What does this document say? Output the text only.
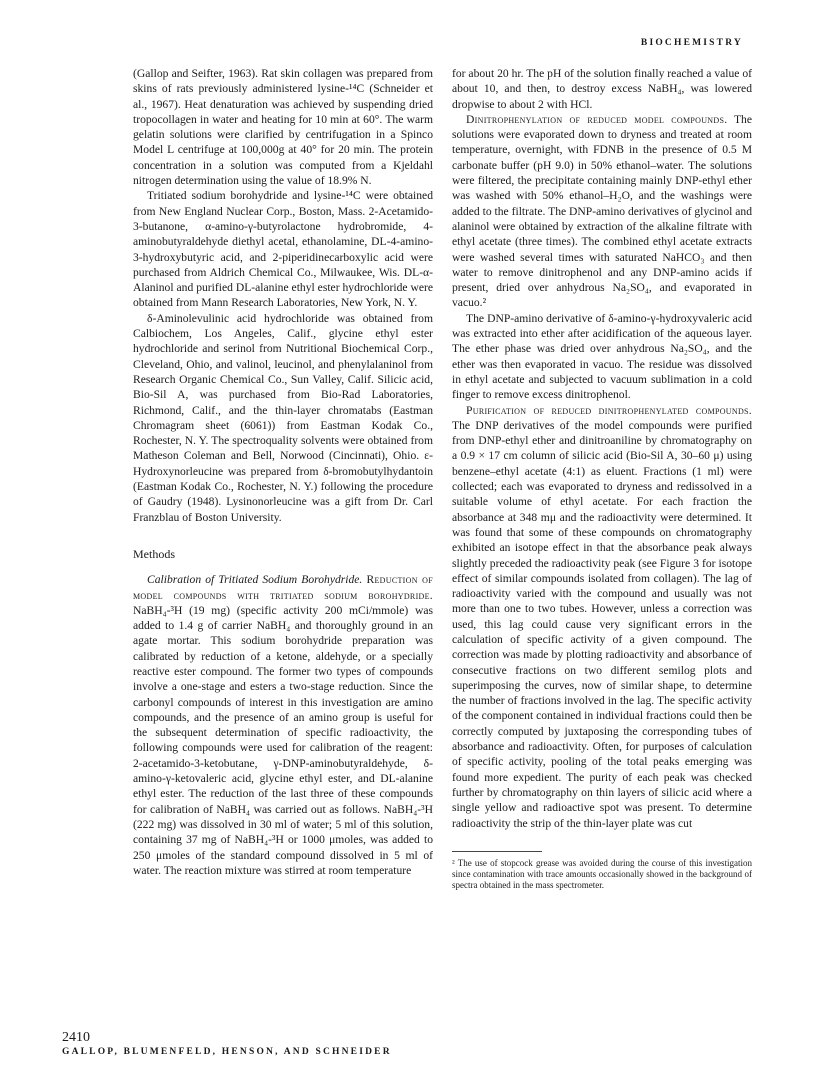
BIOCHEMISTRY

(Gallop and Seifter, 1963). Rat skin collagen was prepared from skins of rats previously administered lysine-¹⁴C (Schneider et al., 1967). Heat denaturation was achieved by suspending dried tropocollagen in water and heating for 10 min at 60°. The warm gelatin solutions were clarified by centrifugation in a Spinco Model L centrifuge at 100,000g at 40° for 20 min. The protein concentration in a solution was computed from a Kjeldahl nitrogen determination using the value of 18.9% N.

Tritiated sodium borohydride and lysine-¹⁴C were obtained from New England Nuclear Corp., Boston, Mass. 2-Acetamido-3-butanone, α-amino-γ-butyrolactone hydrobromide, 4-aminobutyraldehyde diethyl acetal, ethanolamine, DL-4-amino-3-hydroxybutyric acid, and 2-piperidinecarboxylic acid were purchased from Aldrich Chemical Co., Milwaukee, Wis. DL-α-Alaninol and purified DL-alanine ethyl ester hydrochloride were obtained from Mann Research Laboratories, New York, N. Y.

δ-Aminolevulinic acid hydrochloride was obtained from Calbiochem, Los Angeles, Calif., glycine ethyl ester hydrochloride and serinol from Nutritional Biochemical Corp., Cleveland, Ohio, and valinol, leucinol, and phenylalaninol from Research Organic Chemical Co., Sun Valley, Calif. Silicic acid, Bio-Sil A, was purchased from Bio-Rad Laboratories, Richmond, Calif., and the thin-layer chromatabs (Eastman Chromagram sheet (6061)) from Eastman Kodak Co., Rochester, N. Y. The spectroquality solvents were obtained from Matheson Coleman and Bell, Norwood (Cincinnati), Ohio. ε-Hydroxynorleucine was prepared from δ-bromobutylhydantoin (Eastman Kodak Co., Rochester, N. Y.) following the procedure of Gaudry (1948). Lysinonorleucine was a gift from Dr. Carl Franzblau of Boston University.

Methods

Calibration of Tritiated Sodium Borohydride. Reduction of model compounds with tritiated sodium borohydride. NaBH₄-³H (19 mg) (specific activity 200 mCi/mmole) was added to 1.4 g of carrier NaBH₄ and thoroughly ground in an agate mortar. This sodium borohydride preparation was calibrated by reduction of a ketone, aldehyde, or a specially reactive ester compound. The former two types of compounds involve a one-stage and esters a two-stage reduction. Since the carbonyl compounds of interest in this investigation are amino compounds, and the presence of an amino group is useful for the subsequent determination of specific radioactivity, the following compounds were used for calibration of the reagent: 2-acetamido-3-ketobutane, γ-DNP-aminobutyraldehyde, δ-amino-γ-ketovaleric acid, glycine ethyl ester, and DL-alanine ethyl ester. The reduction of the last three of these compounds for calibration of NaBH₄ was carried out as follows. NaBH₄-³H (222 mg) was dissolved in 30 ml of water; 5 ml of this solution, containing 37 mg of NaBH₄-³H or 1000 μmoles, was added to 250 μmoles of the standard compound dissolved in 5 ml of water. The reaction mixture was stirred at room temperature

for about 20 hr. The pH of the solution finally reached a value of about 10, and then, to destroy excess NaBH₄, was lowered dropwise to about 2 with HCl.

Dinitrophenylation of reduced model compounds. The solutions were evaporated down to dryness and treated at room temperature, overnight, with FDNB in the presence of 0.5 M carbonate buffer (pH 9.0) in 50% ethanol–water. The solutions were filtered, the precipitate containing mainly DNP-ethyl ether was washed with 50% ethanol–H₂O, and the washings were added to the filtrate. The DNP-amino derivatives of glycinol and alaninol were obtained by extraction of the alkaline filtrate with ethyl acetate (three times). The combined ethyl acetate extracts were washed several times with saturated NaHCO₃ and then water to remove dinitrophenol and any DNP-amino acids if present, dried over anhydrous Na₂SO₄, and evaporated in vacuo.²

The DNP-amino derivative of δ-amino-γ-hydroxyvaleric acid was extracted into ether after acidification of the aqueous layer. The ether phase was dried over anhydrous Na₂SO₄, and the ether was then evaporated in vacuo. The residue was dissolved in ethyl acetate and subjected to vacuum sublimation in a cold finger to remove excess dinitrophenol.

Purification of reduced dinitrophenylated compounds. The DNP derivatives of the model compounds were purified from DNP-ethyl ether and dinitroaniline by chromatography on a 0.9 × 17 cm column of silicic acid (Bio-Sil A, 30–60 μ) using benzene–ethyl acetate (4:1) as eluent. Fractions (1 ml) were collected; each was evaporated to dryness and redissolved in a suitable volume of ethyl acetate. For each fraction the absorbance at 348 mμ and the radioactivity were determined. It was found that some of these compounds on chromatography exhibited an isotope effect in that the absorbance peak always slightly preceded the radioactivity peak (see Figure 3 for isotope effect of similar compounds isolated from collagen). The lag of radioactivity varied with the compound and usually was not more than one to two tubes. However, unless a correction was used, this lag could cause very significant errors in the calculation of specific activity of a given compound. The correction was made by plotting radioactivity and absorbance of consecutive fractions on two different semilog plots and superimposing the curves, now of similar shape, to determine the number of fractions involved in the lag. The specific activity of the component contained in individual fractions could then be correctly computed by juxtaposing the corresponding tubes of absorbance and radioactivity. Often, for purposes of calculation of specific activity, pooling of the total peaks emerging was found more expedient. The purity of each peak was checked further by chromatography on thin layers of silicic acid where a single yellow and radioactive spot was present. To determine radioactivity the strip of the thin-layer plate was cut

² The use of stopcock grease was avoided during the course of this investigation since contamination with trace amounts occasionally showed in the background of spectra obtained in the mass spectrometer.

2410
GALLOP, BLUMENFELD, HENSON, AND SCHNEIDER
